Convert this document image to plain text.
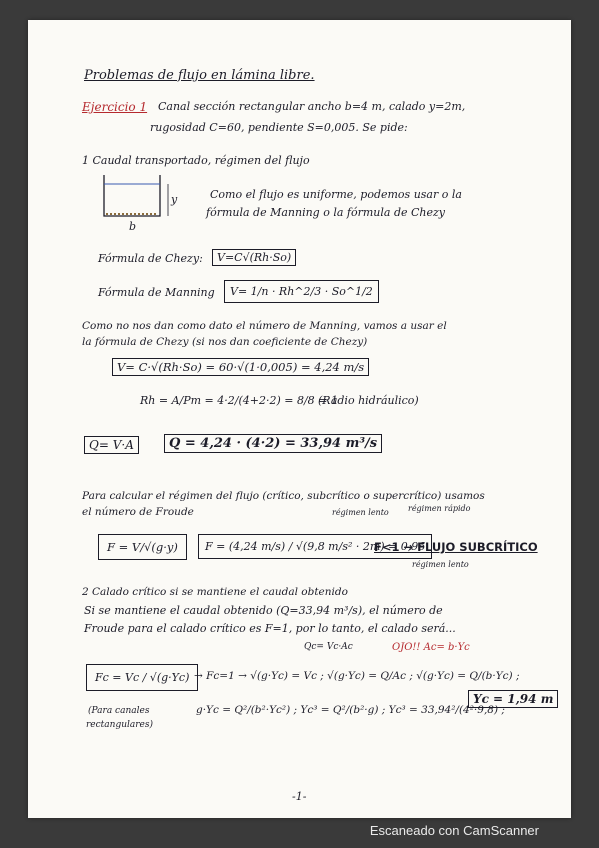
Problemas de flujo en lámina libre.
Ejercicio 1 Canal sección rectangular ancho b=4 m, calado y=2m,
rugosidad C=60, pendiente S=0,005. Se pide:
1 Caudal transportado, régimen del flujo
y
b
Como el flujo es uniforme, podemos usar o la
fórmula de Manning o la fórmula de Chezy
Fórmula de Chezy:	V=C√(Rh·So)
Fórmula de Manning	V= 1/n · Rh^2/3 · So^1/2
Como no nos dan como dato el número de Manning, vamos a usar el
la fórmula de Chezy (si nos dan coeficiente de Chezy)
V= C·√(Rh·So) = 60·√(1·0,005) = 4,24 m/s
Rh = A/Pm = 4·2/(4+2·2) = 8/8 = 1
(Radio hidráulico)
Q= V·A	Q = 4,24 · (4·2) = 33,94 m³/s
Para calcular el régimen del flujo (crítico, subcrítico o supercrítico) usamos
el número de Froude	régimen lento régimen rápido
F = V/√(g·y)	F = (4,24 m/s) / √(9,8 m/s² · 2m) = 0,96
F<1 → FLUJO SUBCRÍTICO
régimen lento
2 Calado crítico si se mantiene el caudal obtenido
Si se mantiene el caudal obtenido (Q=33,94 m³/s), el número de
Froude para el calado crítico es F=1, por lo tanto, el calado será...
Qc= Vc·Ac	OJO!! Ac= b·Yc
Fc = Vc / √(g·Yc) → Fc=1 → √(g·Yc) = Vc ; √(g·Yc) = Q/Ac ; √(g·Yc) = Q/(b·Yc) ;
(Para canales
rectangulares)
g·Yc = Q²/(b²·Yc²) ; Yc³ = Q²/(b²·g) ; Yc³ = 33,94²/(4²·9,8) ;
Yc = 1,94 m
-1-
Escaneado con CamScanner
